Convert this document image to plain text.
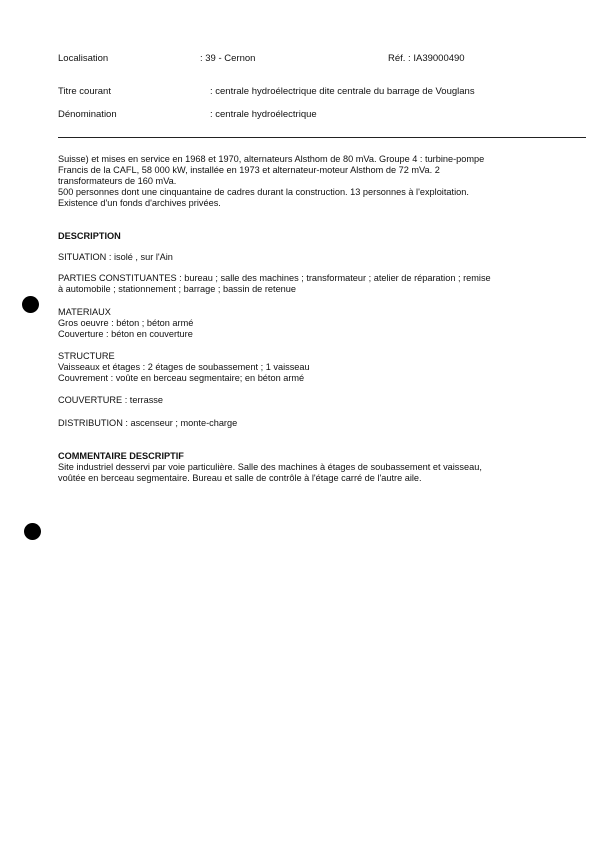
Localisation	: 39 - Cernon	Réf. : IA39000490
Titre courant	: centrale hydroélectrique dite centrale du barrage de Vouglans
Dénomination	: centrale hydroélectrique
Suisse) et mises en service en 1968 et 1970, alternateurs Alsthom de 80 mVa. Groupe 4 : turbine-pompe
Francis de la CAFL, 58 000 kW, installée en 1973 et alternateur-moteur Alsthom de 72 mVa. 2
transformateurs de 160 mVa.
500 personnes dont une cinquantaine de cadres durant la construction. 13 personnes à l'exploitation.
Existence d'un fonds d'archives privées.
DESCRIPTION
SITUATION : isolé , sur l'Ain
PARTIES CONSTITUANTES : bureau ; salle des machines ; transformateur ; atelier de réparation ; remise
à automobile ; stationnement ; barrage ; bassin de retenue
MATERIAUX
Gros oeuvre : béton ; béton armé
Couverture : béton en couverture
STRUCTURE
Vaisseaux et étages : 2 étages de soubassement ; 1 vaisseau
Couvrement : voûte en berceau segmentaire; en béton armé
COUVERTURE : terrasse
DISTRIBUTION : ascenseur ; monte-charge
COMMENTAIRE DESCRIPTIF
Site industriel desservi par voie particulière. Salle des machines à étages de soubassement et vaisseau,
voûtée en berceau segmentaire. Bureau et salle de contrôle à l'étage carré de l'autre aile.
